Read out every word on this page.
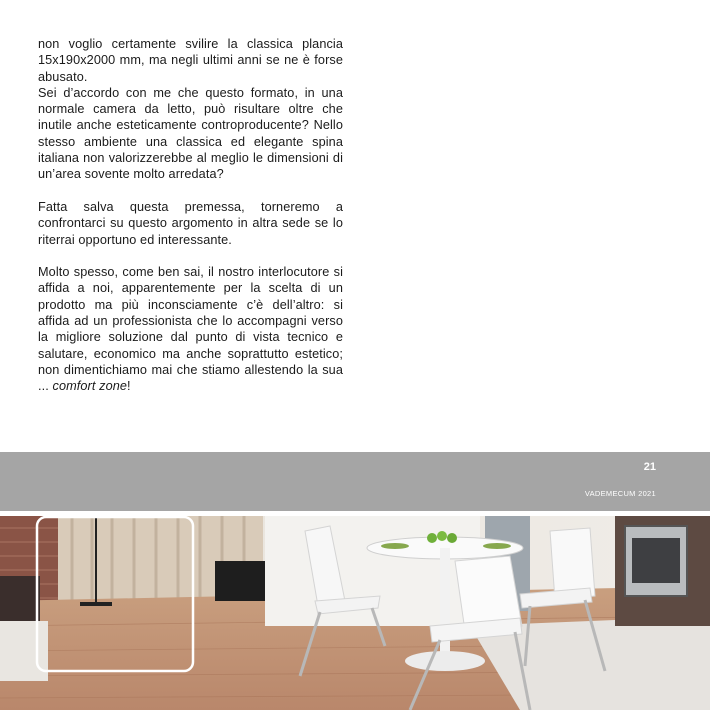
non voglio certamente svilire la classica plancia 15x190x2000 mm, ma negli ultimi anni se ne è forse abusato.
Sei d’accordo con me che questo formato, in una normale camera da letto, può risultare oltre che inutile anche esteticamente controproducente? Nello stesso ambiente una classica ed elegante spina italiana non valorizzerebbe al meglio le dimensioni di un’area sovente molto arredata?

Fatta salva questa premessa, torneremo a confrontarci su questo argomento in altra sede se lo riterrai opportuno ed interessante.

Molto spesso, come ben sai, il nostro interlocutore si affida a noi, apparentemente per la scelta di un prodotto ma più inconsciamente c’è dell’altro: si affida ad un professionista che lo accompagni verso la migliore soluzione dal punto di vista tecnico e salutare, economico ma anche soprattutto estetico; non dimentichiamo mai che stiamo allestendo la sua ... comfort zone!

21
VADEMECUM 2021
